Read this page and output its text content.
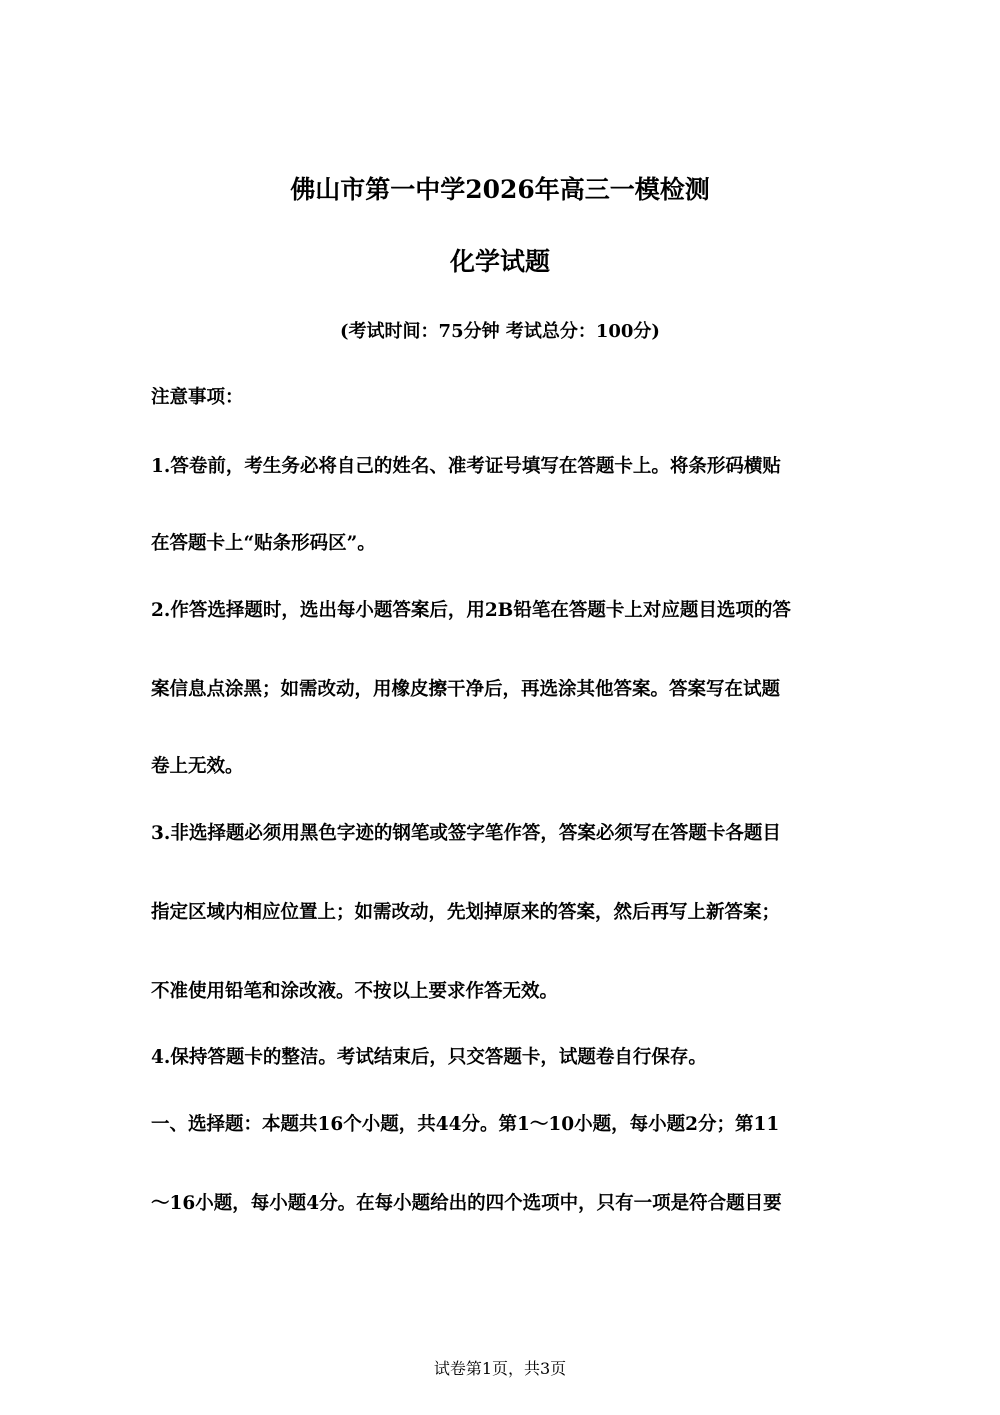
佛山市第一中学2026年高三一模检测
化学试题
(考试时间：75分钟 考试总分：100分)
注意事项：
1.答卷前，考生务必将自己的姓名、准考证号填写在答题卡上。将条形码横贴
在答题卡上“贴条形码区”。
2.作答选择题时，选出每小题答案后，用2B铅笔在答题卡上对应题目选项的答
案信息点涂黑；如需改动，用橡皮擦干净后，再选涂其他答案。答案写在试题
卷上无效。
3.非选择题必须用黑色字迹的钢笔或签字笔作答，答案必须写在答题卡各题目
指定区域内相应位置上；如需改动，先划掉原来的答案，然后再写上新答案；
不准使用铅笔和涂改液。不按以上要求作答无效。
4.保持答题卡的整洁。考试结束后，只交答题卡，试题卷自行保存。
一、选择题：本题共16个小题，共44分。第1～10小题，每小题2分；第11
～16小题，每小题4分。在每小题给出的四个选项中，只有一项是符合题目要
试卷第1页，共3页
